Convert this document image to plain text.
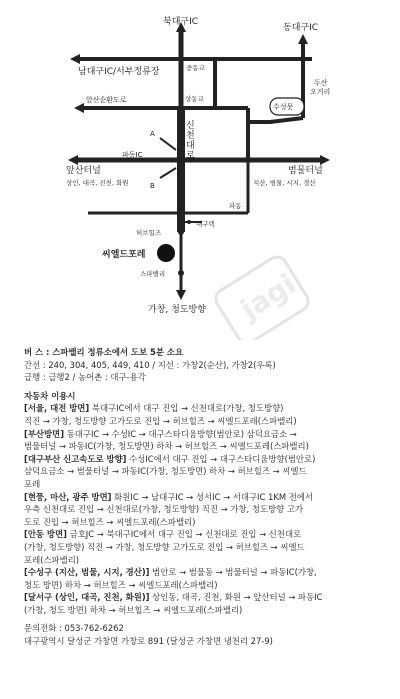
jagi
북대구IC
동대구IC
남대구IC/서부정류장	중동교
두산 오거리
앞산순환도로	상동교
수성못
신 천 대 로
A
B
파동IC
앞산터널
상인, 대곡, 진천, 화원
범물터널
지산, 범물, 시지, 경산
파동
대구텍
허브힐즈
씨엘드포레
스파밸리
가창, 청도방향

버 스 : 스파밸리 정류소에서 도보 5분 소요

간선 : 240, 304, 405, 449, 410 / 지선 : 가창2(순산), 가창2(우록)

급행 : 급행2 / 농어촌 : 대구-용각

자동차 이용시

[서울, 대전 방면] 북대구IC에서 대구 진입 → 신천대로(가창, 청도방향)

직진 → 가창, 청도방향 고가도로 진입 → 허브힐즈 → 씨엘드포레(스파밸리)

[부산방면] 동대구IC → 수성IC → 대구스타디움방향(범안로) 삼덕요금소 →

범물터널 → 파동IC(가창, 청도방면) 하차 → 허브힐즈 → 씨엘드포레(스파밸리)

[대구부산 신고속도로 방향] 수성IC에서 대구 진입 → 대구스타디움방향(범안로)

삼덕요금소 → 범물터널 → 파동IC(가창, 청도방면) 하차 → 허브힐즈 → 씨엘드

포레

[현풍, 마산, 광주 방면] 화원IC → 남대구IC → 성서IC → 서대구IC 1KM 전에서

우측 신천대로 진입 → 신천대로(가창, 청도방향) 직진 → 가창, 청도방향 고가

도로 진입 → 허브힐즈 → 씨엘드포레(스파밸리)

[안동 방면] 금호JC → 북대구IC에서 대구 진입 → 신천대로 진입 → 신천대로

(가창, 청도방향) 직진 → 가창, 청도방향 고가도로 진입 → 허브힐즈 → 씨엘드

포레(스파밸리)

[수성구 (지산, 범물, 시지, 경산)] 범안로 → 범물동 → 범물터널 → 파동IC(가창,

청도 방면) 하차 → 허브힐즈 → 씨엘드포레(스파밸리)

[달서구 (상인, 대곡, 진천, 화원)] 상인동, 대곡, 진천, 화원 → 앞산터널 → 파동IC

(가창, 청도 방면) 하차 → 허브힐즈 → 씨엘드포레(스파밸리)

문의전화 : 053-762-6262

대구광역시 달성군 가창면 가창로 891 (달성군 가창면 냉천리 27-9)
